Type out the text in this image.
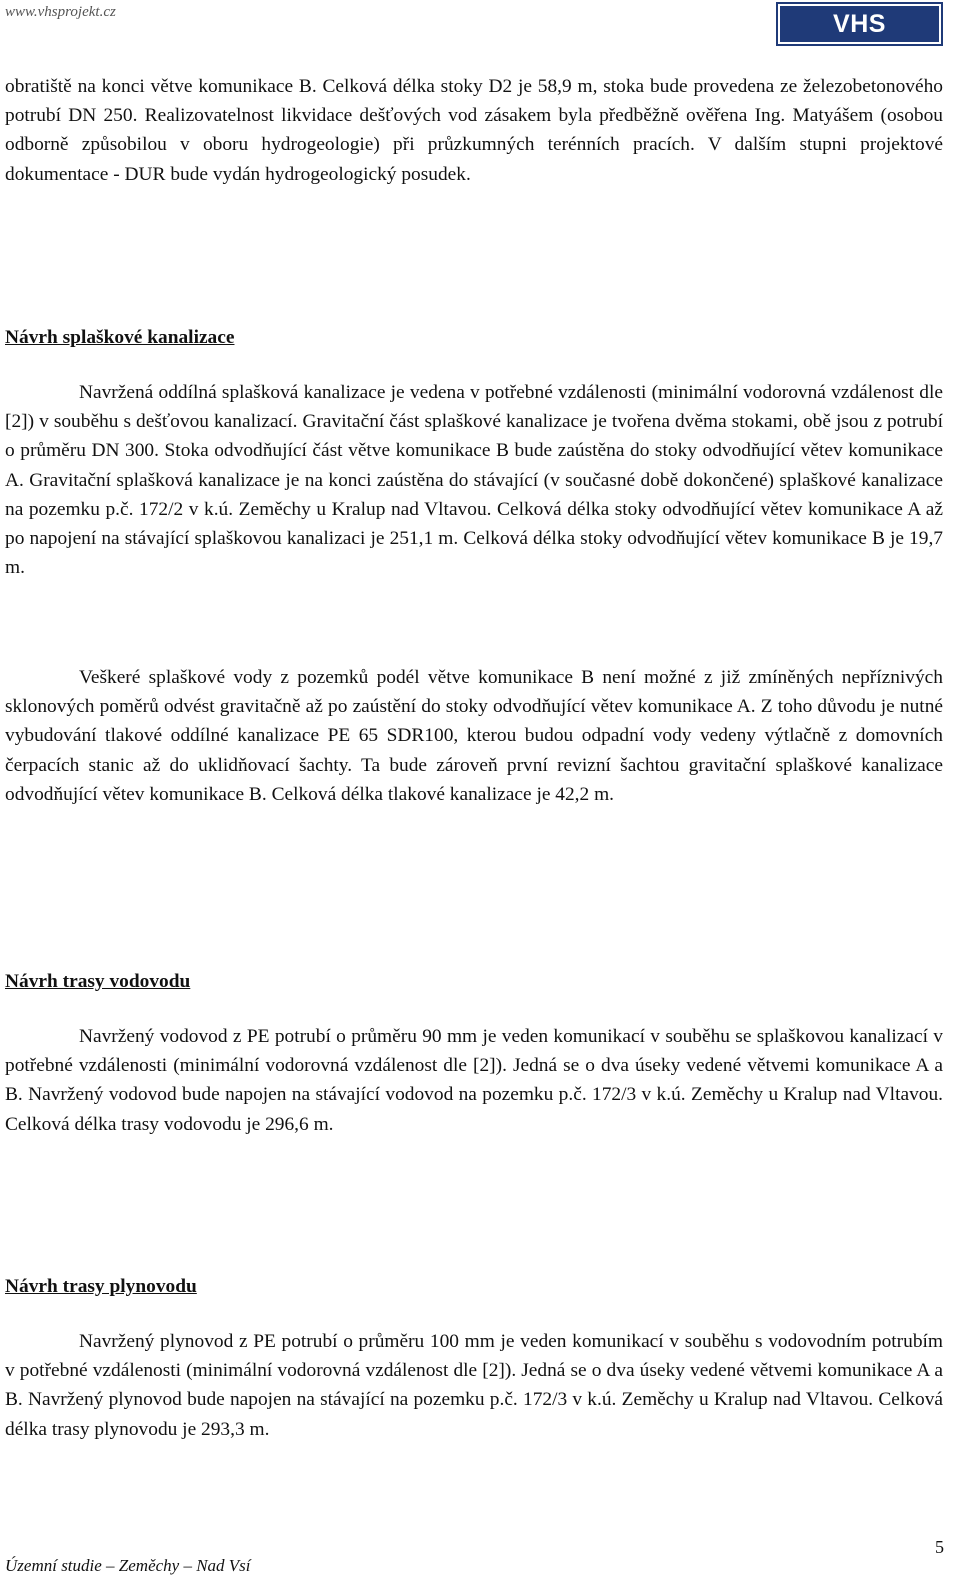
www.vhsprojekt.cz	VHS PROJEKT

obratiště na konci větve komunikace B. Celková délka stoky D2 je 58,9 m, stoka bude provedena ze železobetonového potrubí DN 250. Realizovatelnost likvidace dešťových vod zásakem byla předběžně ověřena Ing. Matyášem (osobou odborně způsobilou v oboru hydrogeologie) při průzkumných terénních pracích. V dalším stupni projektové dokumentace - DUR bude vydán hydrogeologický posudek.

Návrh splaškové kanalizace

Navržená oddílná splašková kanalizace je vedena v potřebné vzdálenosti (minimální vodorovná vzdálenost dle [2]) v souběhu s dešťovou kanalizací. Gravitační část splaškové kanalizace je tvořena dvěma stokami, obě jsou z potrubí o průměru DN 300. Stoka odvodňující část větve komunikace B bude zaústěna do stoky odvodňující větev komunikace A. Gravitační splašková kanalizace je na konci zaústěna do stávající (v současné době dokončené) splaškové kanalizace na pozemku p.č. 172/2 v k.ú. Zeměchy u Kralup nad Vltavou. Celková délka stoky odvodňující větev komunikace A až po napojení na stávající splaškovou kanalizaci je 251,1 m. Celková délka stoky odvodňující větev komunikace B je 19,7 m.

Veškeré splaškové vody z pozemků podél větve komunikace B není možné z již zmíněných nepříznivých sklonových poměrů odvést gravitačně až po zaústění do stoky odvodňující větev komunikace A. Z toho důvodu je nutné vybudování tlakové oddílné kanalizace PE 65 SDR100, kterou budou odpadní vody vedeny výtlačně z domovních čerpacích stanic až do uklidňovací šachty. Ta bude zároveň první revizní šachtou gravitační splaškové kanalizace odvodňující větev komunikace B. Celková délka tlakové kanalizace je 42,2 m.

Návrh trasy vodovodu

Navržený vodovod z PE potrubí o průměru 90 mm je veden komunikací v souběhu se splaškovou kanalizací v potřebné vzdálenosti (minimální vodorovná vzdálenost dle [2]). Jedná se o dva úseky vedené větvemi komunikace A a B. Navržený vodovod bude napojen na stávající vodovod na pozemku p.č. 172/3 v k.ú. Zeměchy u Kralup nad Vltavou. Celková délka trasy vodovodu je 296,6 m.

Návrh trasy plynovodu

Navržený plynovod z PE potrubí o průměru 100 mm je veden komunikací v souběhu s vodovodním potrubím v potřebné vzdálenosti (minimální vodorovná vzdálenost dle [2]). Jedná se o dva úseky vedené větvemi komunikace A a B. Navržený plynovod bude napojen na stávající na pozemku p.č. 172/3 v k.ú. Zeměchy u Kralup nad Vltavou. Celková délka trasy plynovodu je 293,3 m.

5
Územní studie – Zeměchy – Nad Vsí
